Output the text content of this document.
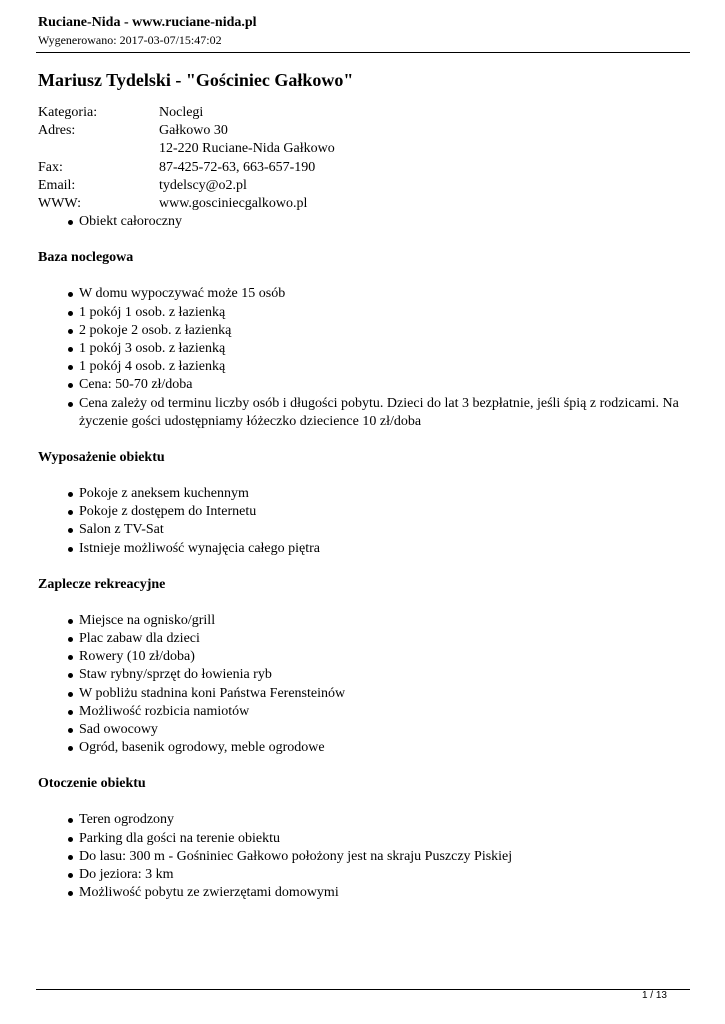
Ruciane-Nida - www.ruciane-nida.pl
Wygenerowano: 2017-03-07/15:47:02
Mariusz Tydelski - "Gościniec Gałkowo"
Kategoria:	Noclegi
Adres:	Gałkowo 30
12-220 Ruciane-Nida Gałkowo
Fax:	87-425-72-63, 663-657-190
Email:	tydelscy@o2.pl
WWW:	www.gosciniecgalkowo.pl
Obiekt całoroczny
Baza noclegowa
W domu wypoczywać może 15 osób
1 pokój 1 osob. z łazienką
2 pokoje 2 osob. z łazienką
1 pokój 3 osob. z łazienką
1 pokój 4 osob. z łazienką
Cena: 50-70 zł/doba
Cena zależy od terminu liczby osób i długości pobytu. Dzieci do lat 3 bezpłatnie, jeśli śpią z rodzicami. Na życzenie gości udostępniamy łóżeczko dziecience 10 zł/doba
Wyposażenie obiektu
Pokoje z aneksem kuchennym
Pokoje z dostępem do Internetu
Salon z TV-Sat
Istnieje możliwość wynajęcia całego piętra
Zaplecze rekreacyjne
Miejsce na ognisko/grill
Plac zabaw dla dzieci
Rowery (10 zł/doba)
Staw rybny/sprzęt do łowienia ryb
W pobliżu stadnina koni Państwa Ferensteinów
Możliwość rozbicia namiotów
Sad owocowy
Ogród, basenik ogrodowy, meble ogrodowe
Otoczenie obiektu
Teren ogrodzony
Parking dla gości na terenie obiektu
Do lasu: 300 m - Gośniniec Gałkowo położony jest na skraju Puszczy Piskiej
Do jeziora: 3 km
Możliwość pobytu ze zwierzętami domowymi
1 / 13
